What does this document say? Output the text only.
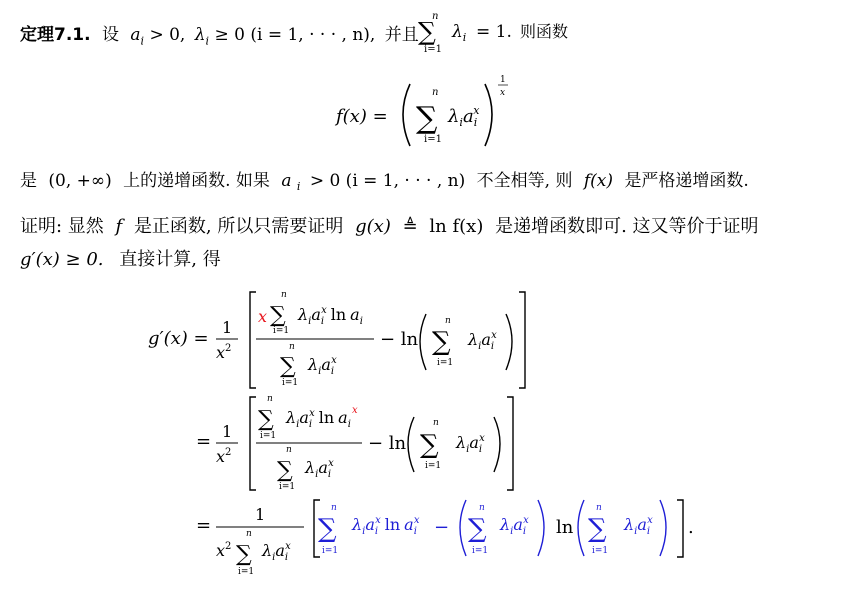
定理7.1. 设 $a_i > 0$, $\lambda_i \ge 0$ (i = 1, · · · , n), 并且
n
∑
i=1
$\lambda_i = 1$. 则函数
f(x) =
n
∑
i=1
$\lambda_ia_ix$
1
x
是 (0, +∞) 上的递增函数. 如果 a $_i$ > 0 (i = 1, · · · , n) 不全相等, 则 f(x) 是严格递增函数.
证明: 显然 f 是正函数, 所以只需要证明 g(x) ≜ ln f(x) 是递增函数即可. 这又等价于证明
g′(x) ≥ 0. 直接计算, 得
g′(x) =
1
$x^2$
x
n
∑
i=1
$\lambda_ia_ix$ $\ln a_i$
n
∑
i=1
$\lambda_ia_ix$
− ln
n
∑
i=1
$\lambda_ia_ix$
= 1
$x^2$
n
∑
i=1
$\lambda_ia_ix$ $\ln a_i$
x
n
∑
i=1
$\lambda_ia_ix$
− ln
n
∑
i=1
$\lambda_ia_ix$
=
1
$x^2$
n
∑
i=1
$\lambda_ia_ix$
n
∑
i=1
$\lambda_ia_ix$ $\ln a_ix$ −
n
∑
i=1
$\lambda_ia_ix$
n
∑
i=1
$\lambda_ia_ix$
ln	.
